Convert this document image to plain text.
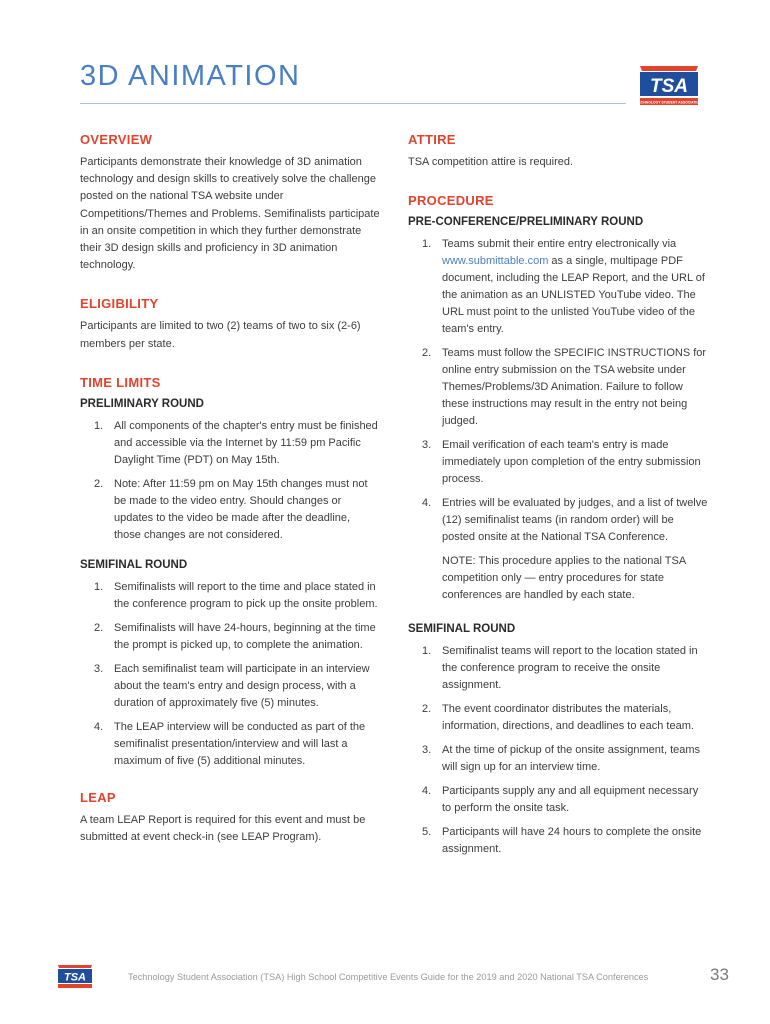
3D ANIMATION	TSA
TECHNOLOGY STUDENT ASSOCIATION
OVERVIEW

Participants demonstrate their knowledge of 3D animation technology and design skills to creatively solve the challenge posted on the national TSA website under Competitions/Themes and Problems. Semifinalists participate in an onsite competition in which they further demonstrate their 3D design skills and proficiency in 3D animation technology.

ELIGIBILITY

Participants are limited to two (2) teams of two to six (2-6) members per state.

TIME LIMITS
PRELIMINARY ROUND
1. All components of the chapter's entry must be finished and accessible via the Internet by 11:59 pm Pacific Daylight Time (PDT) on May 15th.
2. Note: After 11:59 pm on May 15th changes must not be made to the video entry. Should changes or updates to the video be made after the deadline, those changes are not considered.
SEMIFINAL ROUND
1. Semifinalists will report to the time and place stated in the conference program to pick up the onsite problem.
2. Semifinalists will have 24-hours, beginning at the time the prompt is picked up, to complete the animation.
3. Each semifinalist team will participate in an interview about the team's entry and design process, with a duration of approximately five (5) minutes.
4. The LEAP interview will be conducted as part of the semifinalist presentation/interview and will last a maximum of five (5) additional minutes.
LEAP

A team LEAP Report is required for this event and must be submitted at event check-in (see LEAP Program).

ATTIRE

TSA competition attire is required.

PROCEDURE
PRE-CONFERENCE/PRELIMINARY ROUND
1. Teams submit their entire entry electronically via www.submittable.com as a single, multipage PDF document, including the LEAP Report, and the URL of the animation as an UNLISTED YouTube video. The URL must point to the unlisted YouTube video of the team's entry.
2. Teams must follow the SPECIFIC INSTRUCTIONS for online entry submission on the TSA website under Themes/Problems/3D Animation. Failure to follow these instructions may result in the entry not being judged.
3. Email verification of each team's entry is made immediately upon completion of the entry submission process.
4. Entries will be evaluated by judges, and a list of twelve (12) semifinalist teams (in random order) will be posted onsite at the National TSA Conference.

NOTE: This procedure applies to the national TSA competition only — entry procedures for state conferences are handled by each state.

SEMIFINAL ROUND
1. Semifinalist teams will report to the location stated in the conference program to receive the onsite assignment.
2. The event coordinator distributes the materials, information, directions, and deadlines to each team.
3. At the time of pickup of the onsite assignment, teams will sign up for an interview time.
4. Participants supply any and all equipment necessary to perform the onsite task.
5. Participants will have 24 hours to complete the onsite assignment.
TSA	Technology Student Association (TSA) High School Competitive Events Guide for the 2019 and 2020 National TSA Conferences	33
